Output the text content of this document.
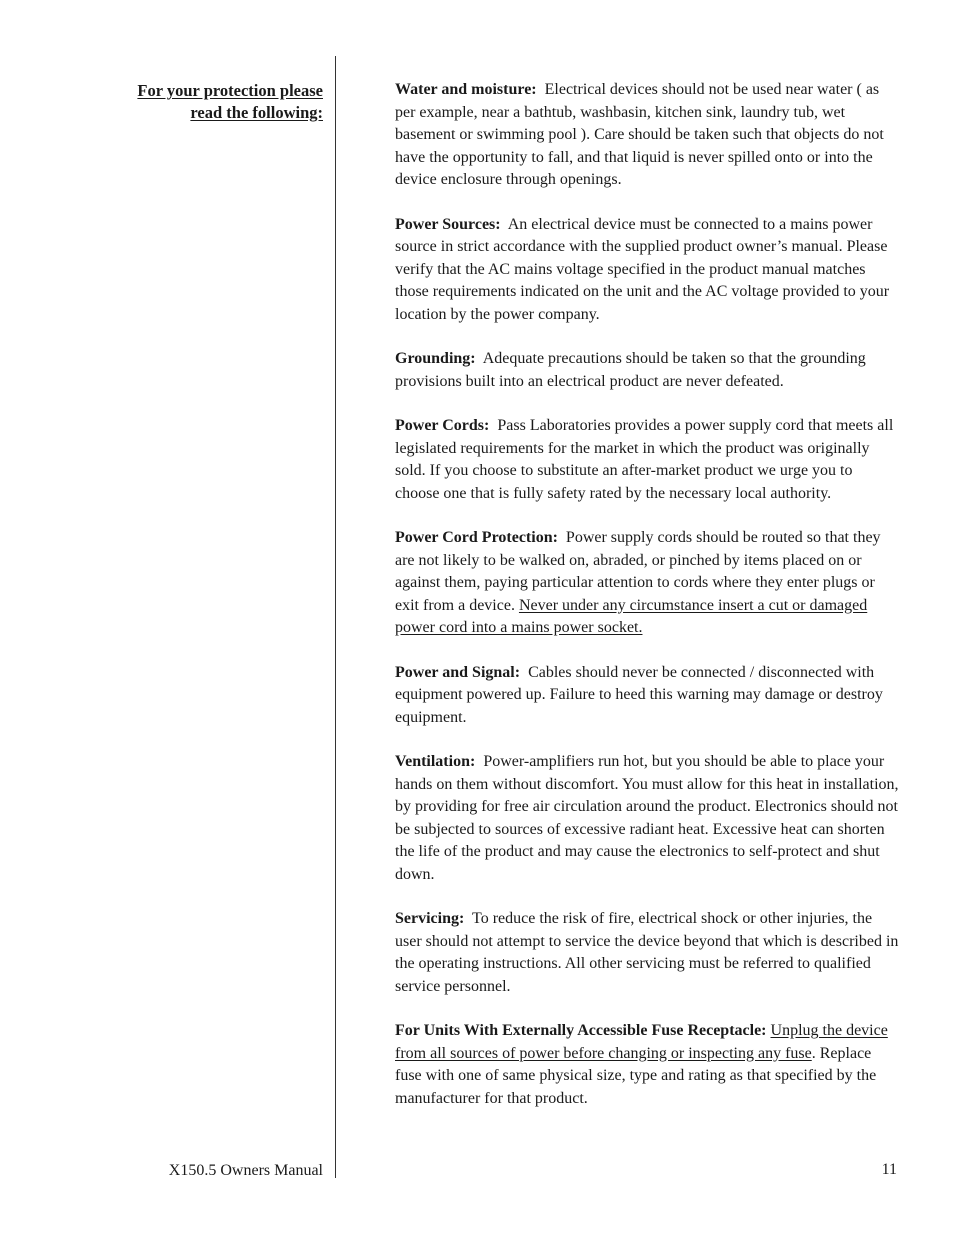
For your protection please
read the following:

Water and moisture: Electrical devices should not be used near water ( as per example, near a bathtub, washbasin, kitchen sink, laundry tub, wet basement or swimming pool ). Care should be taken such that objects do not have the opportunity to fall, and that liquid is never spilled onto or into the device enclosure through openings.

Power Sources: An electrical device must be connected to a mains power source in strict accordance with the supplied product owner’s manual. Please verify that the AC mains voltage specified in the product manual matches those requirements indicated on the unit and the AC voltage provided to your location by the power company.

Grounding: Adequate precautions should be taken so that the grounding provisions built into an electrical product are never defeated.

Power Cords: Pass Laboratories provides a power supply cord that meets all legislated requirements for the market in which the product was originally sold. If you choose to substitute an after-market product we urge you to choose one that is fully safety rated by the necessary local authority.

Power Cord Protection: Power supply cords should be routed so that they are not likely to be walked on, abraded, or pinched by items placed on or against them, paying particular attention to cords where they enter plugs or exit from a device. Never under any circumstance insert a cut or damaged power cord into a mains power socket.

Power and Signal: Cables should never be connected / disconnected with equipment powered up. Failure to heed this warning may damage or destroy equipment.

Ventilation: Power-amplifiers run hot, but you should be able to place your hands on them without discomfort. You must allow for this heat in installation, by providing for free air circulation around the product. Electronics should not be subjected to sources of excessive radiant heat. Excessive heat can shorten the life of the product and may cause the electronics to self-protect and shut down.

Servicing: To reduce the risk of fire, electrical shock or other injuries, the user should not attempt to service the device beyond that which is described in the operating instructions. All other servicing must be referred to qualified service personnel.

For Units With Externally Accessible Fuse Receptacle: Unplug the device from all sources of power before changing or inspecting any fuse. Replace fuse with one of same physical size, type and rating as that specified by the manufacturer for that product.

X150.5 Owners Manual	11
